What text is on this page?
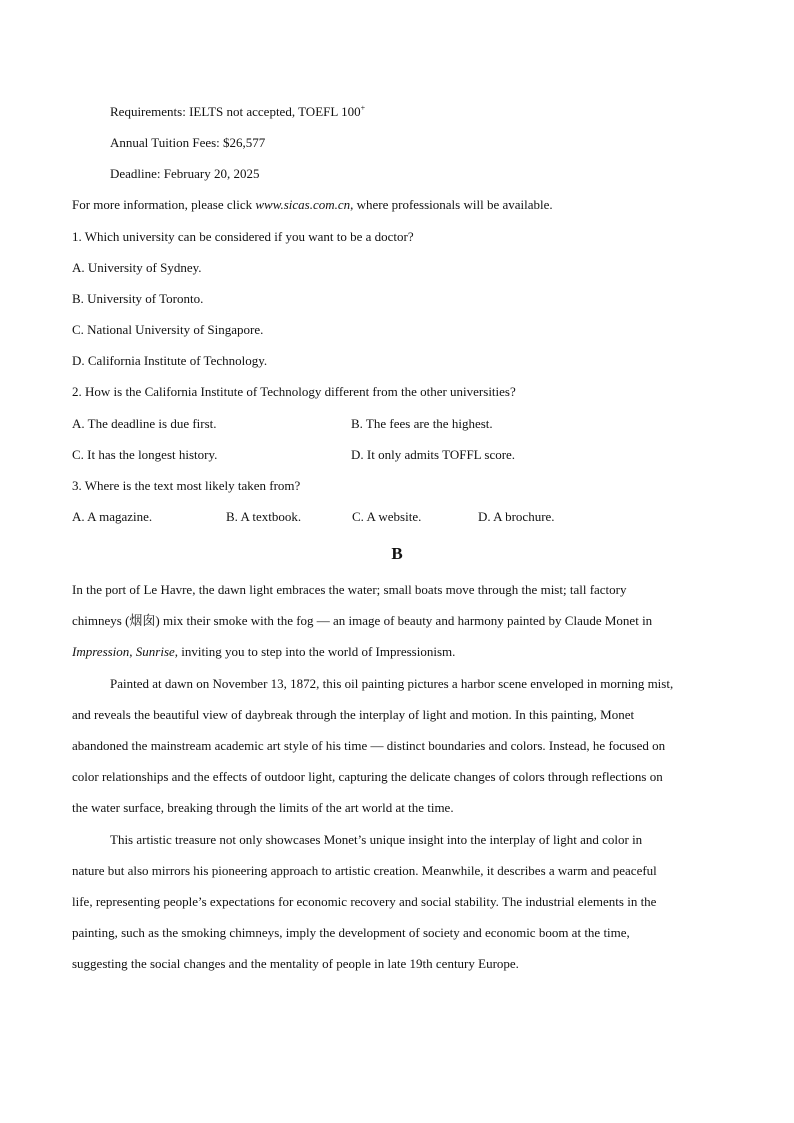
Requirements: IELTS not accepted, TOEFL 100+
Annual Tuition Fees: $26,577
Deadline: February 20, 2025
For more information, please click www.sicas.com.cn, where professionals will be available.
1. Which university can be considered if you want to be a doctor?
A. University of Sydney.
B. University of Toronto.
C. National University of Singapore.
D. California Institute of Technology.
2. How is the California Institute of Technology different from the other universities?
A. The deadline is due first.	B. The fees are the highest.
C. It has the longest history.	D. It only admits TOFFL score.
3. Where is the text most likely taken from?
A. A magazine.	B. A textbook.	C. A website.	D. A brochure.
B
In the port of Le Havre, the dawn light embraces the water; small boats move through the mist; tall factory
chimneys (烟囱) mix their smoke with the fog — an image of beauty and harmony painted by Claude Monet in
Impression, Sunrise, inviting you to step into the world of Impressionism.
Painted at dawn on November 13, 1872, this oil painting pictures a harbor scene enveloped in morning mist,
and reveals the beautiful view of daybreak through the interplay of light and motion. In this painting, Monet
abandoned the mainstream academic art style of his time — distinct boundaries and colors. Instead, he focused on
color relationships and the effects of outdoor light, capturing the delicate changes of colors through reflections on
the water surface, breaking through the limits of the art world at the time.
This artistic treasure not only showcases Monet’s unique insight into the interplay of light and color in
nature but also mirrors his pioneering approach to artistic creation. Meanwhile, it describes a warm and peaceful
life, representing people’s expectations for economic recovery and social stability. The industrial elements in the
painting, such as the smoking chimneys, imply the development of society and economic boom at the time,
suggesting the social changes and the mentality of people in late 19th century Europe.
